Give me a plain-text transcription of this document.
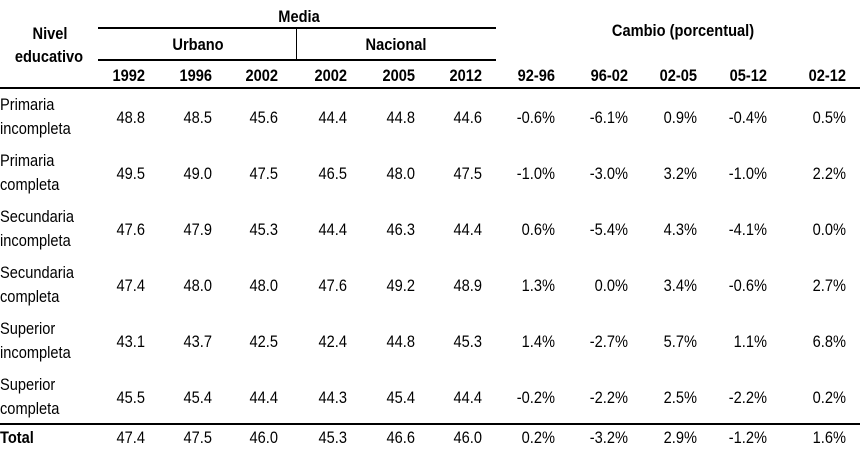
Nivel
educativo
Media
Cambio (porcentual)
Urbano	Nacional
1992	1996	2002	2002	2005	2012	92-96	96-02	02-05	05-12	02-12
Primaria
incompleta
48.8	48.5	45.6	44.4	44.8	44.6	-0.6%	-6.1%	0.9%	-0.4%	0.5%
Primaria
completa
49.5	49.0	47.5	46.5	48.0	47.5	-1.0%	-3.0%	3.2%	-1.0%	2.2%
Secundaria
incompleta
47.6	47.9	45.3	44.4	46.3	44.4	0.6%	-5.4%	4.3%	-4.1%	0.0%
Secundaria
completa
47.4	48.0	48.0	47.6	49.2	48.9	1.3%	0.0%	3.4%	-0.6%	2.7%
Superior
incompleta
43.1	43.7	42.5	42.4	44.8	45.3	1.4%	-2.7%	5.7%	1.1%	6.8%
Superior
completa
45.5	45.4	44.4	44.3	45.4	44.4	-0.2%	-2.2%	2.5%	-2.2%	0.2%
Total	47.4	47.5	46.0	45.3	46.6	46.0	0.2%	-3.2%	2.9%	-1.2%	1.6%
